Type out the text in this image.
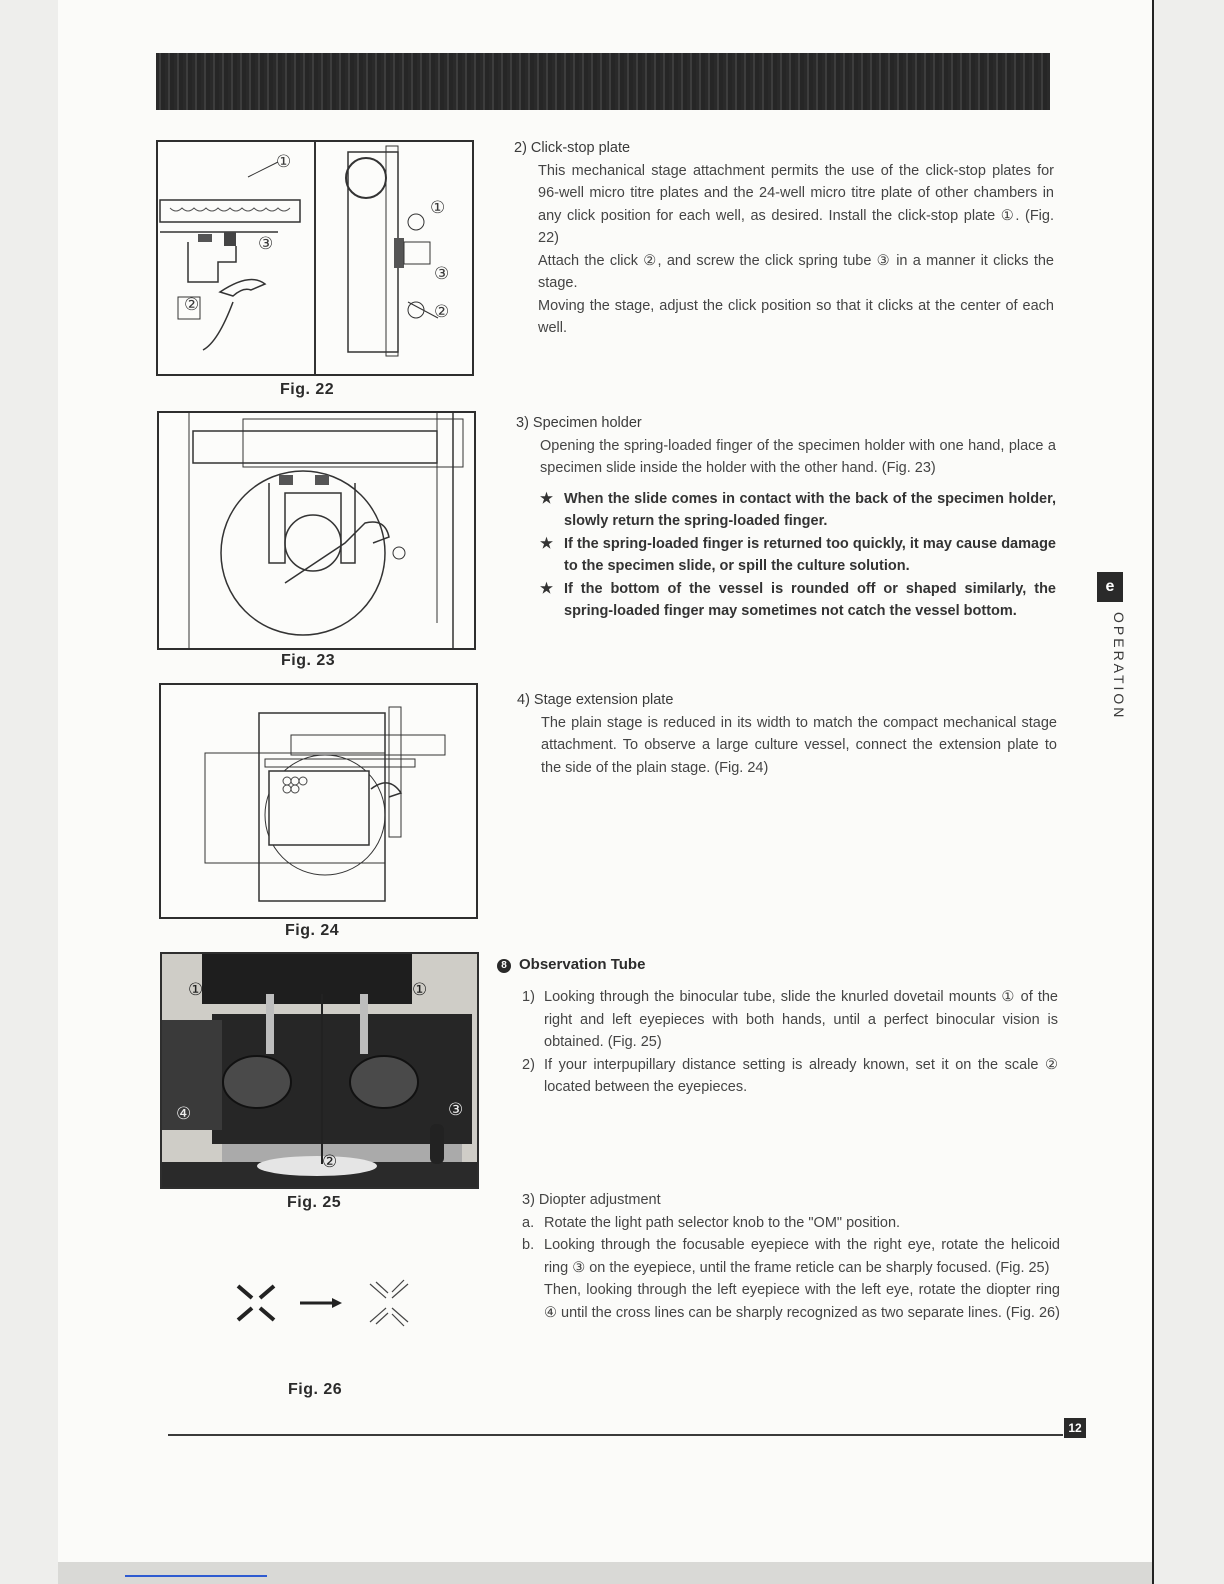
①
③
②
①
③
②
Fig. 22
Fig. 23
Fig. 24
①	①
④	③
②
Fig. 25
Fig. 26

2) Click-stop plate

This mechanical stage attachment permits the use of the click-stop plates for 96-well micro titre plates and the 24-well micro titre plate of other chambers in any click position for each well, as desired. Install the click-stop plate ①. (Fig. 22)

Attach the click ②, and screw the click spring tube ③ in a manner it clicks the stage.

Moving the stage, adjust the click position so that it clicks at the center of each well.

3) Specimen holder

Opening the spring-loaded finger of the specimen holder with one hand, place a specimen slide inside the holder with the other hand. (Fig. 23)

★ When the slide comes in contact with the back of the specimen holder, slowly return the spring-loaded finger.

★ If the spring-loaded finger is returned too quickly, it may cause damage to the specimen slide, or spill the culture solution.

★ If the bottom of the vessel is rounded off or shaped similarly, the spring-loaded finger may sometimes not catch the vessel bottom.

4) Stage extension plate

The plain stage is reduced in its width to match the compact mechanical stage attachment. To observe a large culture vessel, connect the extension plate to the side of the plain stage. (Fig. 24)

8 Observation Tube

1) Looking through the binocular tube, slide the knurled dovetail mounts ① of the right and left eyepieces with both hands, until a perfect binocular vision is obtained. (Fig. 25)

2) If your interpupillary distance setting is already known, set it on the scale ② located between the eyepieces.

3) Diopter adjustment

a. Rotate the light path selector knob to the "OM" position.

b. Looking through the focusable eyepiece with the right eye, rotate the helicoid ring ③ on the eyepiece, until the frame reticle can be sharply focused. (Fig. 25)

Then, looking through the left eyepiece with the left eye, rotate the diopter ring ④ until the cross lines can be sharply recognized as two separate lines. (Fig. 26)

e
OPERATION
12
